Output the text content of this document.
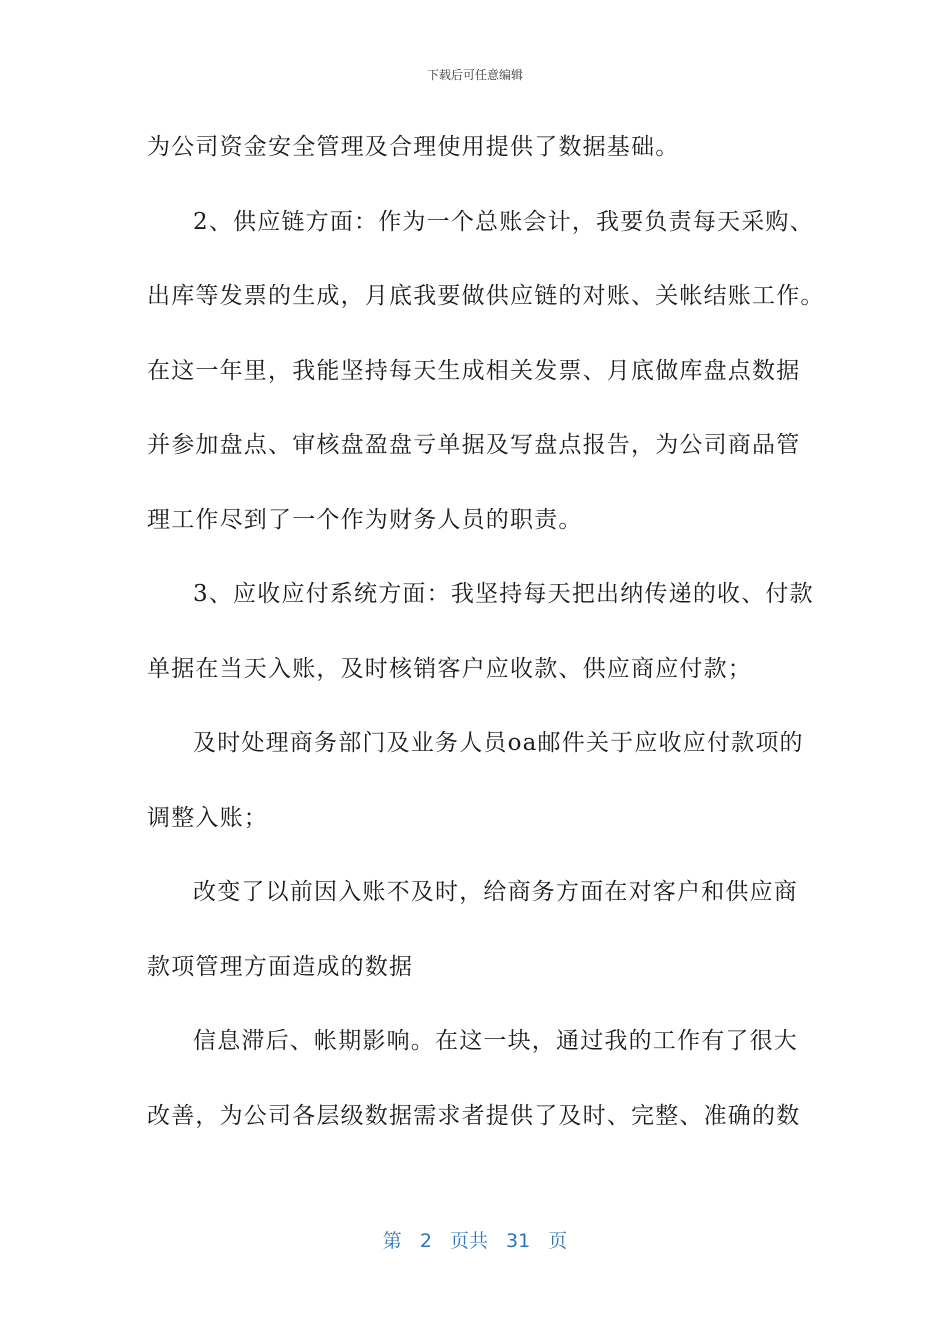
下载后可任意编辑
为公司资金安全管理及合理使用提供了数据基础。
2、供应链方面：作为一个总账会计，我要负责每天采购、
出库等发票的生成，月底我要做供应链的对账、关帐结账工作。
在这一年里，我能坚持每天生成相关发票、月底做库盘点数据
并参加盘点、审核盘盈盘亏单据及写盘点报告，为公司商品管
理工作尽到了一个作为财务人员的职责。
3、应收应付系统方面：我坚持每天把出纳传递的收、付款
单据在当天入账，及时核销客户应收款、供应商应付款；
及时处理商务部门及业务人员oa邮件关于应收应付款项的
调整入账；
改变了以前因入账不及时，给商务方面在对客户和供应商
款项管理方面造成的数据
信息滞后、帐期影响。在这一块，通过我的工作有了很大
改善，为公司各层级数据需求者提供了及时、完整、准确的数
第 2 页共 31 页
